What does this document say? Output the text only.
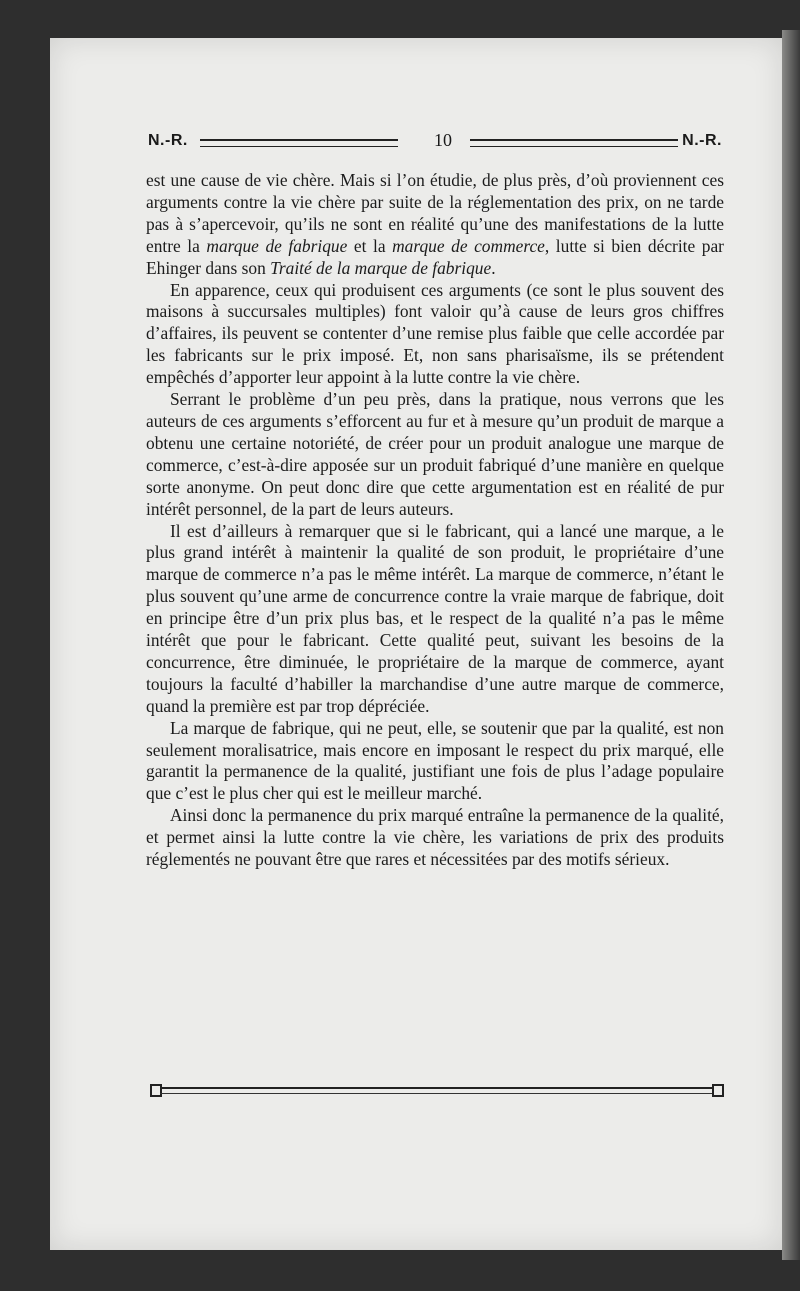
N.-R.	10	N.-R.

est une cause de vie chère. Mais si l’on étudie, de plus près, d’où proviennent ces arguments contre la vie chère par suite de la réglementation des prix, on ne tarde pas à s’apercevoir, qu’ils ne sont en réalité qu’une des manifestations de la lutte entre la marque de fabrique et la marque de commerce, lutte si bien décrite par Ehinger dans son Traité de la marque de fabrique.

En apparence, ceux qui produisent ces arguments (ce sont le plus souvent des maisons à succursales multiples) font valoir qu’à cause de leurs gros chiffres d’affaires, ils peuvent se contenter d’une remise plus faible que celle accordée par les fabricants sur le prix imposé. Et, non sans pharisaïsme, ils se prétendent empêchés d’apporter leur appoint à la lutte contre la vie chère.

Serrant le problème d’un peu près, dans la pratique, nous verrons que les auteurs de ces arguments s’efforcent au fur et à mesure qu’un produit de marque a obtenu une certaine notoriété, de créer pour un produit analogue une marque de commerce, c’est-à-dire apposée sur un produit fabriqué d’une manière en quelque sorte anonyme. On peut donc dire que cette argumentation est en réalité de pur intérêt personnel, de la part de leurs auteurs.

Il est d’ailleurs à remarquer que si le fabricant, qui a lancé une marque, a le plus grand intérêt à maintenir la qualité de son produit, le propriétaire d’une marque de commerce n’a pas le même intérêt. La marque de commerce, n’étant le plus souvent qu’une arme de concurrence contre la vraie marque de fabrique, doit en principe être d’un prix plus bas, et le respect de la qualité n’a pas le même intérêt que pour le fabricant. Cette qualité peut, suivant les besoins de la concurrence, être diminuée, le propriétaire de la marque de commerce, ayant toujours la faculté d’habiller la marchandise d’une autre marque de commerce, quand la première est par trop dépréciée.

La marque de fabrique, qui ne peut, elle, se soutenir que par la qualité, est non seulement moralisatrice, mais encore en imposant le respect du prix marqué, elle garantit la permanence de la qualité, justifiant une fois de plus l’adage populaire que c’est le plus cher qui est le meilleur marché.

Ainsi donc la permanence du prix marqué entraîne la permanence de la qualité, et permet ainsi la lutte contre la vie chère, les variations de prix des produits réglementés ne pouvant être que rares et nécessitées par des motifs sérieux.
